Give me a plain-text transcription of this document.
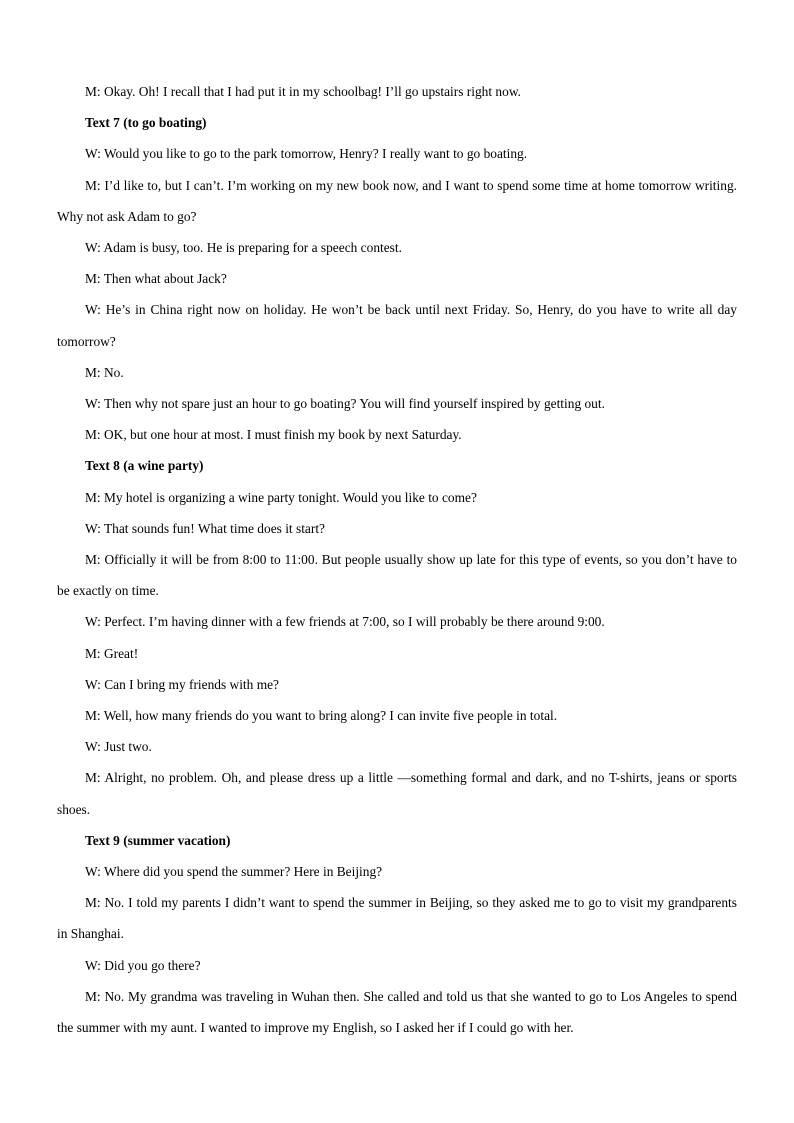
M: Okay. Oh! I recall that I had put it in my schoolbag! I’ll go upstairs right now.

Text 7 (to go boating)

W: Would you like to go to the park tomorrow, Henry? I really want to go boating.

M: I’d like to, but I can’t. I’m working on my new book now, and I want to spend some time at home tomorrow writing. Why not ask Adam to go?

W: Adam is busy, too. He is preparing for a speech contest.

M: Then what about Jack?

W: He’s in China right now on holiday. He won’t be back until next Friday. So, Henry, do you have to write all day tomorrow?

M: No.

W: Then why not spare just an hour to go boating? You will find yourself inspired by getting out.

M: OK, but one hour at most. I must finish my book by next Saturday.

Text 8 (a wine party)

M: My hotel is organizing a wine party tonight. Would you like to come?

W: That sounds fun! What time does it start?

M: Officially it will be from 8:00 to 11:00. But people usually show up late for this type of events, so you don’t have to be exactly on time.

W: Perfect. I’m having dinner with a few friends at 7:00, so I will probably be there around 9:00.

M: Great!

W: Can I bring my friends with me?

M: Well, how many friends do you want to bring along? I can invite five people in total.

W: Just two.

M: Alright, no problem. Oh, and please dress up a little —something formal and dark, and no T-shirts, jeans or sports shoes.

Text 9 (summer vacation)

W: Where did you spend the summer? Here in Beijing?

M: No. I told my parents I didn’t want to spend the summer in Beijing, so they asked me to go to visit my grandparents in Shanghai.

W: Did you go there?

M: No. My grandma was traveling in Wuhan then. She called and told us that she wanted to go to Los Angeles to spend the summer with my aunt. I wanted to improve my English, so I asked her if I could go with her.
